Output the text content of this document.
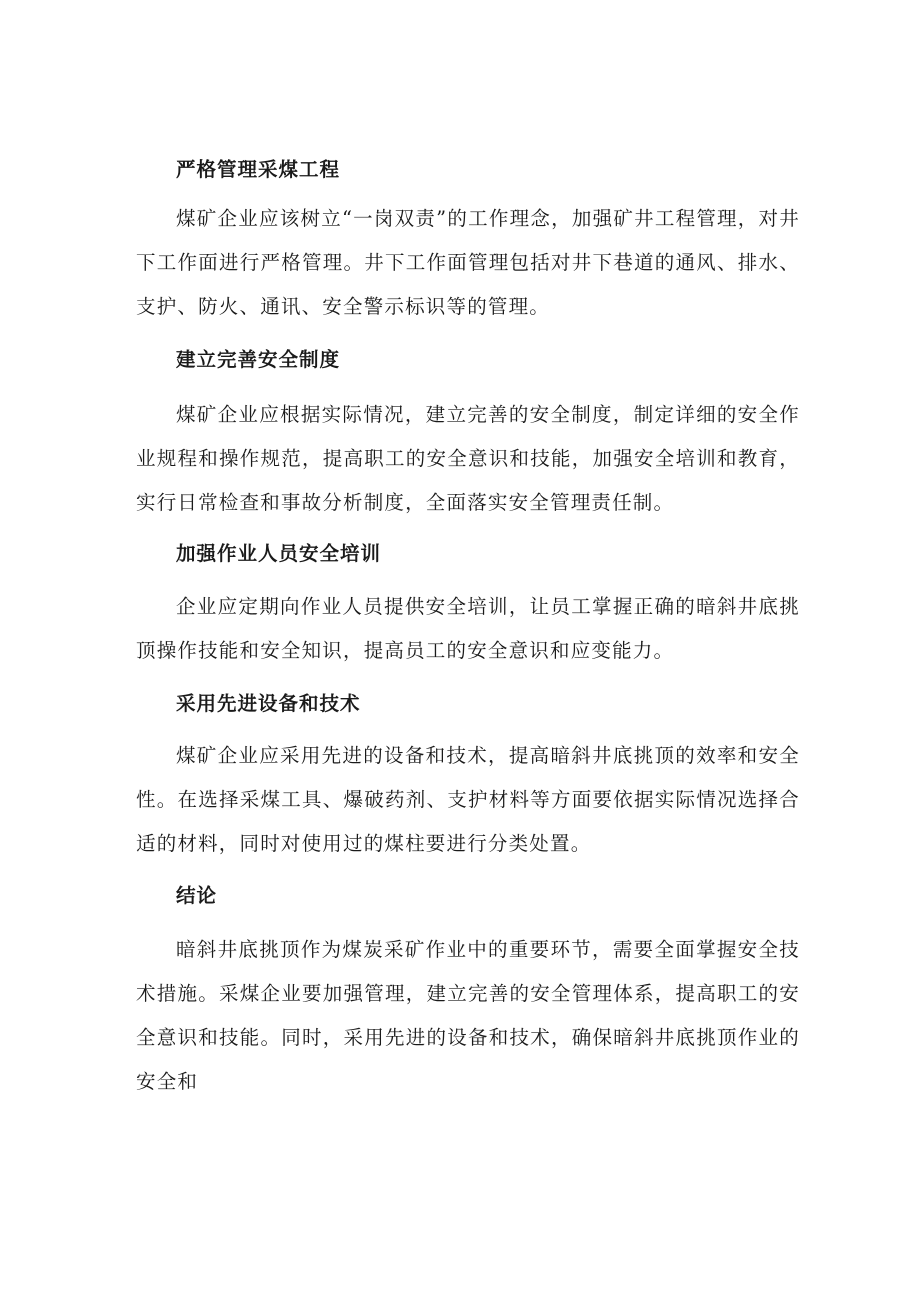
严格管理采煤工程

煤矿企业应该树立“一岗双责”的工作理念，加强矿井工程管理，对井下工作面进行严格管理。井下工作面管理包括对井下巷道的通风、排水、支护、防火、通讯、安全警示标识等的管理。

建立完善安全制度

煤矿企业应根据实际情况，建立完善的安全制度，制定详细的安全作业规程和操作规范，提高职工的安全意识和技能，加强安全培训和教育，实行日常检查和事故分析制度，全面落实安全管理责任制。

加强作业人员安全培训

企业应定期向作业人员提供安全培训，让员工掌握正确的暗斜井底挑顶操作技能和安全知识，提高员工的安全意识和应变能力。

采用先进设备和技术

煤矿企业应采用先进的设备和技术，提高暗斜井底挑顶的效率和安全性。在选择采煤工具、爆破药剂、支护材料等方面要依据实际情况选择合适的材料，同时对使用过的煤柱要进行分类处置。

结论

暗斜井底挑顶作为煤炭采矿作业中的重要环节，需要全面掌握安全技术措施。采煤企业要加强管理，建立完善的安全管理体系，提高职工的安全意识和技能。同时，采用先进的设备和技术，确保暗斜井底挑顶作业的安全和
